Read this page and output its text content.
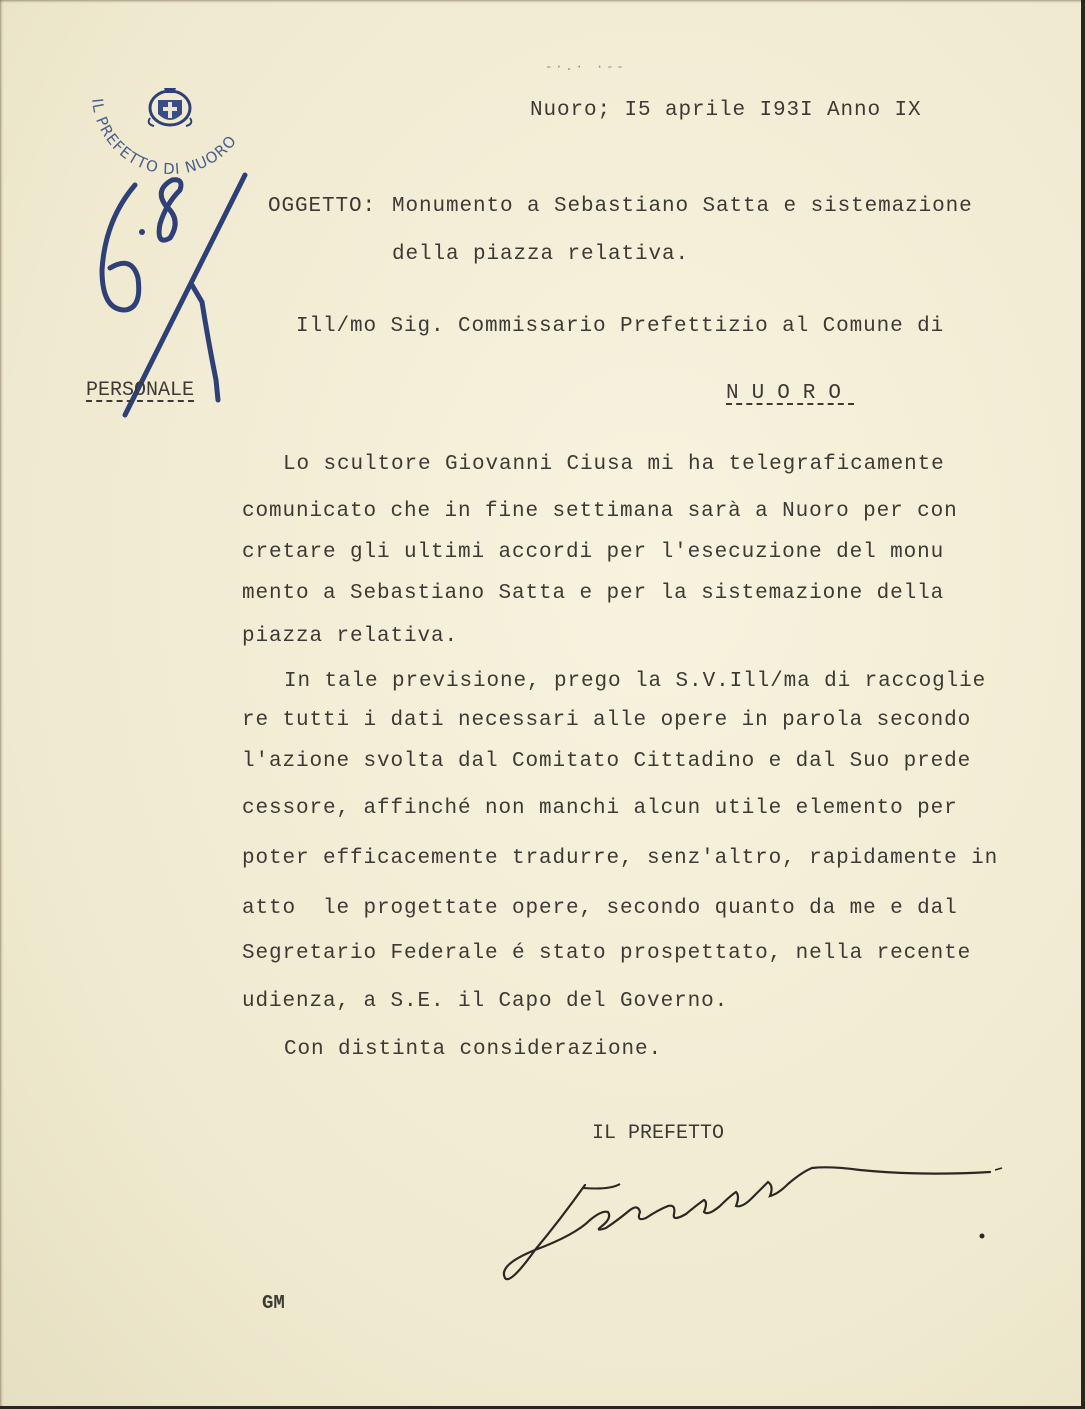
IL PREFETTO DI NUORO
-·.· ·--
Nuoro; I5 aprile I93I Anno IX
OGGETTO: Monumento a Sebastiano Satta e sistemazione
della piazza relativa.
Ill/mo Sig. Commissario Prefettizio al Comune di
PERSONALE	NUORO
Lo scultore Giovanni Ciusa mi ha telegraficamente
comunicato che in fine settimana sarà a Nuoro per con
cretare gli ultimi accordi per l'esecuzione del monu
mento a Sebastiano Satta e per la sistemazione della
piazza relativa.
In tale previsione, prego la S.V.Ill/ma di raccoglie
re tutti i dati necessari alle opere in parola secondo
l'azione svolta dal Comitato Cittadino e dal Suo prede
cessore, affinché non manchi alcun utile elemento per
poter efficacemente tradurre, senz'altro, rapidamente in
atto  le progettate opere, secondo quanto da me e dal
Segretario Federale é stato prospettato, nella recente
udienza, a S.E. il Capo del Governo.
Con distinta considerazione.
IL PREFETTO
GM
